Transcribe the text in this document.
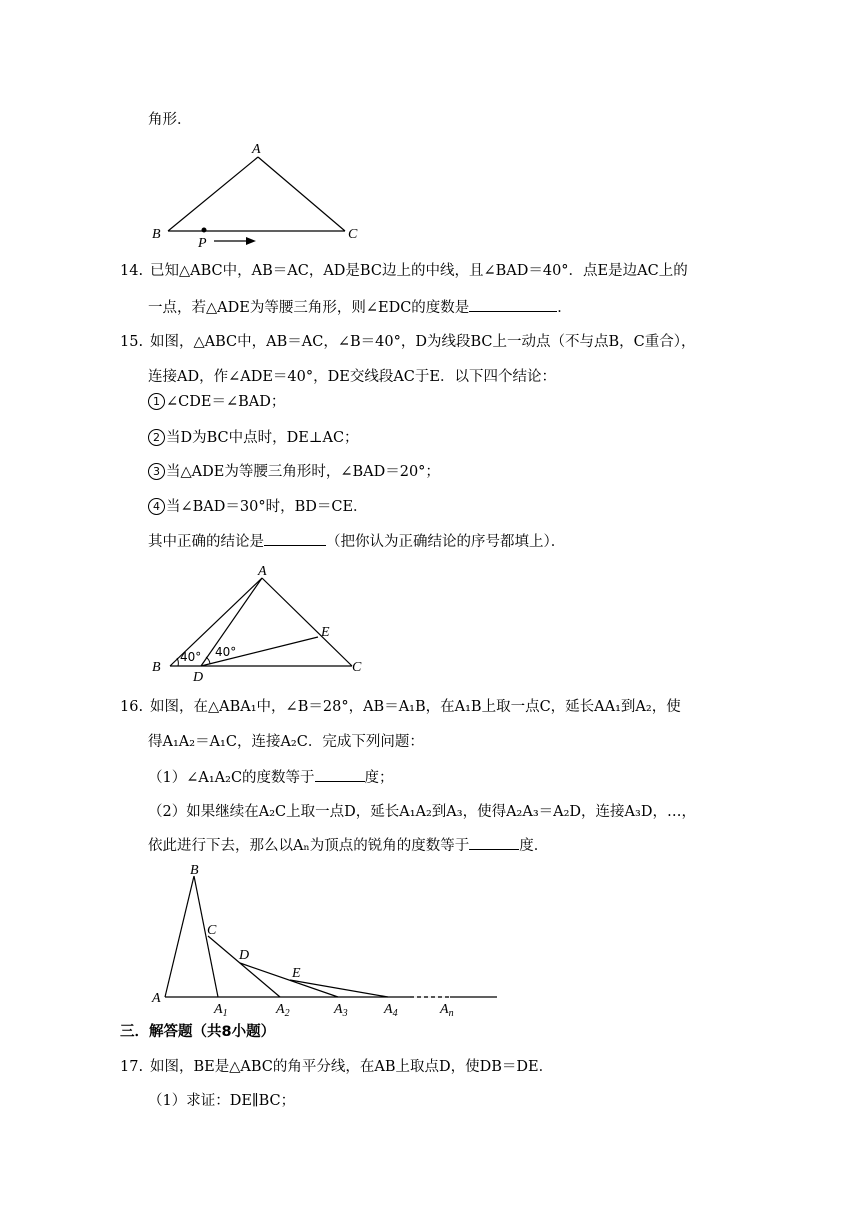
角形．
A
B	C
P
14. 已知△ABC中，AB＝AC，AD是BC边上的中线，且∠BAD＝40°．点E是边AC上的
一点，若△ADE为等腰三角形，则∠EDC的度数是	．
15. 如图，△ABC中，AB＝AC，∠B＝40°，D为线段BC上一动点（不与点B，C重合），
连接AD，作∠ADE＝40°，DE交线段AC于E．以下四个结论：
1 ∠CDE＝∠BAD；
2 当D为BC中点时，DE⊥AC；
3 当△ADE为等腰三角形时，∠BAD＝20°；
4 当∠BAD＝30°时，BD＝CE．
其中正确的结论是	（把你认为正确结论的序号都填上）．
A
B	C
D
E
40° 40°
16. 如图，在△ABA₁中，∠B＝28°，AB＝A₁B，在A₁B上取一点C，延长AA₁到A₂，使
得A₁A₂＝A₁C，连接A₂C．完成下列问题：
（1）∠A₁A₂C的度数等于	度；
（2）如果继续在A₂C上取一点D，延长A₁A₂到A₃，使得A₂A₃＝A₂D，连接A₃D，…，
依此进行下去，那么以Aₙ为顶点的锐角的度数等于	度．
B
C
D
E
A
$A_1$	$A_2$	$A_3$	$A_4$	$A_n$
三．解答题（共8小题）
17. 如图，BE是△ABC的角平分线，在AB上取点D，使DB＝DE．
（1）求证：DE∥BC；
